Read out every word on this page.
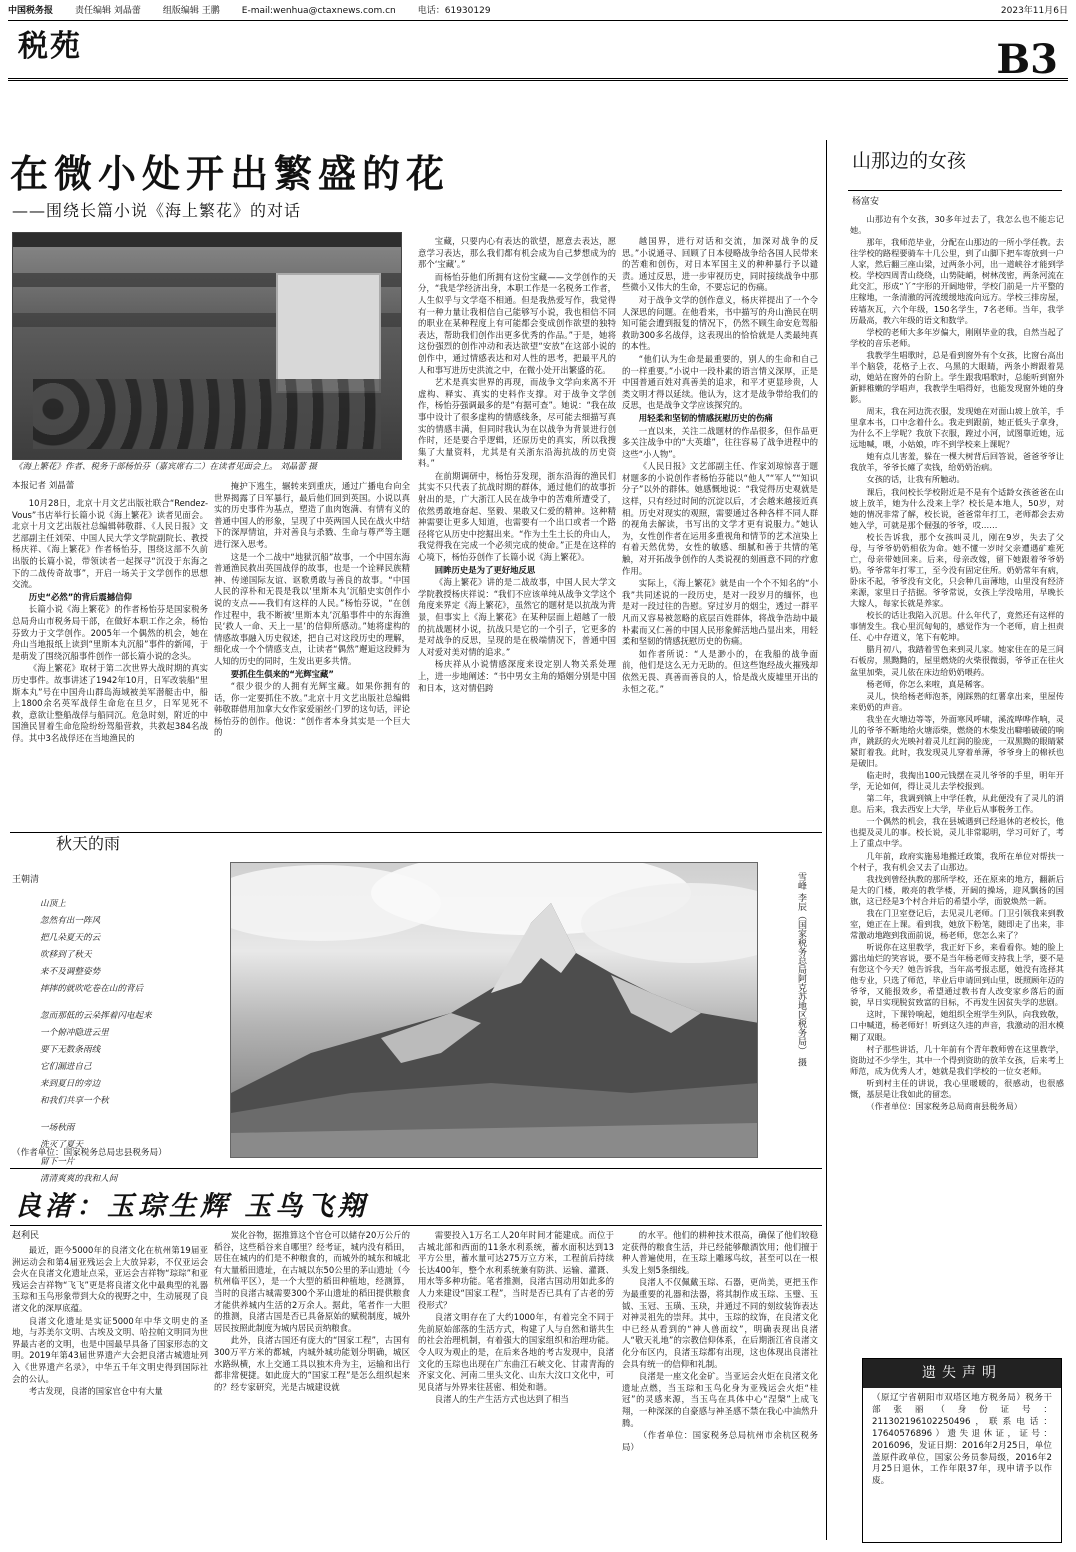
中国税务报 责任编辑 刘晶蕾 组版编辑 王鹏 E-mail:wenhua@ctaxnews.com.cn 电话：61930129	2023年11月6日
税苑	B3
在微小处开出繁盛的花
——围绕长篇小说《海上繁花》的对话
《海上繁花》作者、税务干部杨怡芬（嘉宾席右二）在读者见面会上。 刘晶蕾 摄
本报记者 刘晶蕾

10月28日，北京十月文艺出版社联合“Rendez-Vous”书店举行长篇小说《海上繁花》读者见面会。北京十月文艺出版社总编辑韩敬群、《人民日报》文艺部副主任刘荣、中国人民大学文学院副院长、教授杨庆祥、《海上繁花》作者杨怡芬，围绕这部不久前出版的长篇小说，带领读者一起探寻“沉没于东海之下的二战传奇故事”，开启一场关于文学创作的思想交流。

历史“必然”的背后震撼信仰

长篇小说《海上繁花》的作者杨怡芬是国家税务总局舟山市税务局干部，在做好本职工作之余，杨怡芬致力于文学创作。2005年一个偶然的机会，她在舟山当地报纸上读到“里斯本丸沉船”事件的新闻，于是萌发了围绕沉船事件创作一部长篇小说的念头。

《海上繁花》取材于第二次世界大战时期的真实历史事件。故事讲述了1942年10月，日军改装船“里斯本丸”号在中国舟山群岛海域被美军潜艇击中，船上1800余名英军战俘生命危在旦夕，日军见死不救，意欲让整船战俘与船同沉。危急时刻，附近的中国渔民冒着生命危险纷纷驾船营救，共救起384名战俘。其中3名战俘还在当地渔民的

掩护下逃生，辗转来到重庆，通过广播电台向全世界揭露了日军暴行，最后他们回到英国。小说以真实的历史事件为基点，塑造了血肉饱满、有情有义的普通中国人的形象，呈现了中英两国人民在战火中结下的深厚情谊，并对善良与杀戮、生命与尊严等主题进行深入思考。

这是一个二战中“地狱沉船”故事，一个中国东海普通渔民救出英国战俘的故事，也是一个诠释民族精神、传递国际友谊、讴歌勇敢与善良的故事。“中国人民的淳朴和无畏是我以‘里斯本丸’沉船史实创作小说的支点——我们有这样的人民。”杨怡芬说，“在创作过程中，我不断被‘里斯本丸’沉船事件中的东海渔民‘救人一命、天上一星’的信仰所感动。”她将虚构的情感故事融入历史叙述，把自己对这段历史的理解，细化成一个个情感支点，让读者“偶然”邂逅这段鲜为人知的历史的同时，生发出更多共情。

要抓住生俱来的“光辉宝藏”

“很少很少的人拥有光辉宝藏。如果你拥有的话，你一定要抓住不放。”北京十月文艺出版社总编辑韩敬群借用加拿大女作家爱丽丝·门罗的这句话，评论杨怡芬的创作。他说：“创作者本身其实是一个巨大的

宝藏，只要内心有表达的欲望，愿意去表达，愿意学习表达，那么我们都有机会成为自己梦想成为的那个‘宝藏’。”

而杨怡芬他们所拥有这份宝藏——文学创作的天分，“我是学经济出身，本职工作是一名税务工作者，人生似乎与文学毫不相通。但是我热爱写作，我觉得有一种力量让我相信自己能够写小说，我也相信不同的职业在某种程度上有可能都会变成创作欲望的独特表达，帮助我们创作出更多优秀的作品。”于是，她将这份强烈的创作冲动和表达欲望“安放”在这部小说的创作中，通过情感表达和对人性的思考，把最平凡的人和事写进历史洪流之中，在微小处开出繁盛的花。

艺术是真实世界的再现，而战争文学向来离不开虚构、释实、真实的史料作支撑。对于战争文学创作，杨怡芬强调最多的是“有据可查”。她说：“我在故事中设计了很多虚构的情感线条，尽可能去细描写真实的情感丰满，但同时我认为在以战争为背景进行创作时，还是要合乎逻辑，还原历史的真实，所以我搜集了大量资料，尤其是有关浙东沿海抗战的历史资料。”

在前期调研中，杨怡芬发现，浙东沿海的渔民们其实不只代表了抗战时期的群体，通过他们的故事折射出的是，广大浙江人民在战争中的苦难所遭受了，依然勇敢地奋起、坚毅、果敢又仁爱的精神。这种精神需要让更多人知道，也需要有一个出口或者一个路径将它从历史中挖掘出来。“作为土生土长的舟山人，我觉得我在完成一个必须完成的使命。”正是在这样的心境下，杨怡芬创作了长篇小说《海上繁花》。

回眸历史是为了更好地反思

《海上繁花》讲的是二战故事，中国人民大学文学院教授杨庆祥说：“我们不应该单纯从战争文学这个角度来界定《海上繁花》，虽然它的题材是以抗战为背景，但事实上《海上繁花》在某种层面上超越了一般的抗战题材小说，抗战只是它的一个引子，它更多的是对战争的反思，呈现的是在极端情况下，普通中国人对爱对美对情的追求。”

杨庆祥从小说情感深度来设定别人物关系处理上，进一步地阐述：“书中男女主角的婚姻分别是中国和日本，这对情侣跨

越国界，进行对话和交流，加深对战争的反思。”小说通寻、回顾了日本侵略战争给各国人民带来的苦难和创伤，对日本军国主义的种种暴行予以谴责。通过反思，进一步审视历史，同时接续战争中那些微小又伟大的生命，不要忘记的伤痛。

对于战争文学的创作意义，杨庆祥提出了一个令人深思的问题。在他看来，书中描写的舟山渔民在明知可能会遭到报复的情况下，仍然不顾生命安危驾船救助300多名战俘，这表现出的恰恰就是人类最纯真的本性。

“他们认为生命是最重要的，别人的生命和自己的一样重要。”小说中一段朴素的语言情义深厚，正是中国普通百姓对真善美的追求，和平才更显珍贵，人类文明才得以延续。他认为，这才是战争带给我们的反思，也是战争文学应该探究的。

用轻柔和坚韧的情感抚慰历史的伤痛

一直以来，关注二战题材的作品很多，但作品更多关注战争中的“大英雄”，往往容易了战争进程中的这些“小人物”。

《人民日报》文艺部副主任、作家刘琼惊喜于题材题多的小说创作者杨怡芬能以“他人”“军人”“知识分子”以外的群体。她感慨地说：“我觉得历史观就是这样，只有经过时间的沉淀以后，才会越来越接近真相。历史对现实的观照，需要通过各种各样不同人群的视角去解读，书写出的文学才更有说服力。”她认为，女性创作者在运用多重视角和情节的艺术渲染上有着天然优势，女性的敏感、细腻和善于共情的笔触，对开拓战争创作的人类说视的刻画意不同的疗愈作用。

实际上，《海上繁花》就是由一个个不知名的“小我”共同述说的一段历史，是对一段岁月的缅怀，也是对一段过往的告慰。穿过岁月的烟尘，透过一群平凡而又容易被忽略的底层百姓群体，将战争浩劫中最朴素而又仁善的中国人民形象鲜活地凸显出来，用轻柔和坚韧的情感抚慰历史的伤痛。

如作者所说：“人是渺小的，在我船的战争面前，他们是这么无力无助的。但这些饱经战火摧残却依然无畏、真善而善良的人，恰是战火废墟里开出的永恒之花。”

山那边的女孩
杨富安

山那边有个女孩，30多年过去了，我怎么也不能忘记她。

那年，我师范毕业，分配在山那边的一所小学任教。去往学校的路程要骑车十几公里，到了山脚下把车寄放到一户人家，然后翻三座山梁，过两条小河，出一道峡谷才能到学校。学校四周青山绕绕，山势陡峭，树林茂密，两条河流在此交汇，形成“丫”字形的开阔地带，学校门前是一片平整的庄稼地，一条清澈的河流缓缓地流向远方。学校三排房屋，砖墙灰瓦，六个年级，150名学生，7名老师。当年，我学历最高，教六年级的语文和数学。

学校的老师大多年岁偏大，刚刚毕业的我，自然当起了学校的音乐老师。

我教学生唱歌时，总是看到窗外有个女孩，比窗台高出半个脑袋，花格子上衣、乌黑的大眼睛，两条小辫跟着晃动，她站在窗外的台阶上。学生跟我唱歌时，总能听到窗外新鲜稚嫩的学唱声，我教学生唱得好，也能发现窗外她的身影。

周末，我在河边洗衣服，发现她在对面山坡上放羊，手里拿本书，口中念着什么。我走到跟前，她正低头子拿身，为什么不上学呢？我放下衣服，蹚过小河，试图靠近她，远远地喊，喂，小姑娘，咋不到学校来上课呢？

她有点儿害羞，躲在一棵大树背后回答说，爸爸爷爷让我放羊，爷爷长瘫了卖钱，给奶奶治病。

女孩的话，让我有所触动。

课后，我问校长学校附近是不是有个适龄女孩爸爸在山坡上放羊，她为什么没来上学？校长是本地人，50岁，对她的情况非常了解，校长说，爸爸常年打工，老师都会去劝她入学，可就是那个倔强的爷爷，哎……

校长告诉我，那个女孩叫灵儿，刚在9岁，失去了父母，与爷爷奶奶相依为命。她不懂一岁时父亲遭遇矿难死亡，母亲带她回来。后来，母亲改嫁，留下她跟着爷爷奶奶。爷爷常年打零工，至今没有固定住所。奶奶常年有病，卧床不起，爷爷没有文化，只会种几亩薄地，山里没有经济来源，家里日子拮据。爷爷常说，女孩上学没啥用，早晚长大嫁人，每家长就是养家。

校长的话让我陷入沉思。什么年代了，竟然还有这样的事情发生。我心里沉甸甸的，感觉作为一个老师，肩上担责任、心中存道义，笔下有乾坤。

腊月初八，我踏着雪色来到灵儿家。她家住在的是三间石板房，黑黝黝的，屋里燃烧的火柴很微弱，爷爷正在往火盆里加柴，灵儿依在床边给奶奶喂药。

杨老师，你怎么来啦，真是稀客。

灵儿，快给杨老师泡茶，刚踩熟的红薯拿出来，里屋传来奶奶的声音。

我坐在火塘边等等，外面寒风呼啸，溪流哗哗作响，灵儿的爷爷不断地给火塘添柴，燃烧的木柴发出噼啪破破的响声，跳跃的火光映衬着灵儿红润的脸庞，一双黑黝的眼睛紧紧盯着我。此时，我发现灵儿穿着单薄，爷爷身上的棉袄也是破旧。

临走时，我掏出100元钱摆在灵儿爷爷的手里，明年开学，无论如何，得让灵儿去学校报到。

第二年，我调到镇上中学任教，从此便没有了灵儿的消息。后来，我去西安上大学，毕业后从事税务工作。

一个偶然的机会，我在县城遇到已经退休的老校长，他也提及灵儿的事。校长说，灵儿非常聪明，学习可好了，考上了重点中学。

几年前，政府实施易地搬迁政策，我所在单位对帮扶一个村子，我有机会又去了山那边。

我找到曾经执教的那所学校，还在原来的地方，翻新后是大的门楼，敞亮的教学楼，开阔的操场，迎风飘扬的国旗，这已经是3个村合并后的希望小学，面貌焕然一新。

我在门卫室登记后，去见灵儿老师。门卫引领我来到教室，她正在上课。看到我，她放下粉笔，随即走了出来，非常激动地跑到我面前说，杨老师，您怎么来了？

听说你在这里教学，我正好下乡，来看看你。她的脸上露出灿烂的笑容说，要不是当年杨老师支持我上学，要不是有您这个今天？她告诉我，当年高考报志愿，她没有选择其他专业，只选了师范，毕业后申请回到山里，既照顾年迈的爷爷，又能报效乡，希望通过教书育人改变家乡落后的面貌，早日实现脱贫致富的目标，不再发生因贫失学的悲剧。

这时，下课铃响起，她组织全班学生列队，向我致敬，口中喊道，杨老师好！听到这久违的声音，我激动的泪水模糊了双眼。

村子那些讲话，几十年前有个青年教师曾在这里教学，资助过不少学生，其中一个得到资助的放羊女孩，后来考上师范，成为优秀人才，她就是我们学校的一位女老师。

听到村主任的讲说，我心里暖暖的，很感动，也很感慨，基层是让我如此的留恋。

（作者单位：国家税务总局商南县税务局）

秋天的雨
王朝清
山顶上
忽然有出一阵风
把几朵夏天的云
吹移到了秋天
来不及调整姿势
摔摔的就吹吃卷在山的背后
忽而那低的云朵挥着闪电起来
一个俯冲隐进云里
要下无数条雨线
它们漏进自己
来到夏日的旁边
和我们共享一个秋
一场秋雨
洗灭了夏天
留下一片
清清爽爽的我和人间
（作者单位：国家税务总局忠县税务局）
雪峰 李辰（国家税务总局阿克苏地区税务局） 摄
良渚：玉琮生辉 玉鸟飞翔
赵利民

最近，距今5000年的良渚文化在杭州第19届亚洲运动会和第4届亚残运会上大放异彩，不仅亚运会会火在良渚文化遗址点采，亚运会吉祥物“琮琮”和亚残运会吉祥物“飞飞”更是将良渚文化中最典型的礼器玉琮和玉鸟形象带到大众的视野之中，生动展现了良渚文化的深厚底蕴。

良渚文化遗址是实证5000年中华文明史的圣地，与苏美尔文明、古埃及文明、哈拉帕文明同为世界最古老的文明，也是中国最早具备了国家形态的文明。2019年第43届世界遗产大会把良渚古城遗址列入《世界遗产名录》，中华五千年文明史得到国际社会的公认。

考古发现，良渚的国家官仓中有大量

炭化谷物，据推算这个官仓可以储存20万公斤的稻谷，这些稻谷来自哪里？经考证，城内没有稻田，居住在城内的们是不种粮食的，而城外的城东和城北有大量稻田遗址，在古城以东50公里的茅山遗址（今杭州临平区），是一个大型的稻田种植地，经测算，当时的良渚古城需要300个茅山遗址的稻田提供粮食才能供养城内生活的2万余人。据此，笔者作一大胆的推测，良渚古国是否已具备原始的赋税制度，城外居民按照此制度为城内居民贡纳粮食。

此外，良渚古国还有庞大的“国家工程”，古国有300万平方米的都城，内城外城功能划分明确，城区水路纵横，水上交通工具以独木舟为主，运输和出行都非常便捷。如此庞大的“国家工程”是怎么组织起来的？经专家研究，光是古城建设就

需要投入1万名工人20年时间才能建成。而位于古城北部和西面的11条水利系统，蓄水面积达到13平方公里，蓄水量可达275万立方米，工程前后持续长达400年，整个水利系统兼有防洪、运输、灌溉、用水等多种功能。笔者推测，良渚古国动用如此多的人力来建设“国家工程”，当时是否已具有了古老的劳役形式？

良渚文明存在了大约1000年，有着完全不同于先前原始部落的生活方式，构建了人与自然和谐共生的社会治理机制，有着强大的国家组织和治理功能。令人叹为观止的是，在后来各地的考古发现中，良渚文化的玉琮也出现在广东曲江石峡文化、甘肃青海的齐家文化、河南二里头文化、山东大汶口文化中，可见良渚与外界来往甚密、相处和谐。

良渚人的生产生活方式也达到了相当

的水平。他们的耕种技术很高，确保了他们较稳定获得的粮食生活，并已经能够酿酒饮用；他们擅于种人普遍使用，在玉琮上雕琢鸟纹，甚至可以在一根头发上刻5条细线。

良渚人不仅佩戴玉琮、石器，更尚美，更把玉作为最重要的礼器和法器，将其制作成玉琮、玉璧、玉钺、玉冠、玉璜、玉玦，并通过不同的刻纹装饰表达对神灵祖先的崇拜。其中，玉琮的纹饰，在良渚文化中已经从看到的“神人兽面纹”，明确表现出良渚人“敬天礼地”的宗教信仰体系，在后期浙江省良渚文化分布区内，良渚玉琮都有出现，这也体现出良渚社会具有统一的信仰和礼制。

良渚是一座文化金矿。当亚运会火炬在良渚文化遗址点燃，当玉琮和玉鸟化身为亚残运会火炬“桂冠”的灵感来源，当玉鸟在具体中心“涅槃”上成飞翔，一种深深的自豪感与神圣感不禁在我心中油然升腾。

（作者单位：国家税务总局杭州市余杭区税务局）

遗失声明
（原辽宁省朝阳市双塔区地方税务局）税务干部张丽（身份证号：211302196102250496，联系电话：17640576896）遗失退休证，证号：2016096，发证日期：2016年2月25日，单位盖原件政单位，国家公务员参局级，2016年2月25日退休，工作年限37年，现申请予以作废。
